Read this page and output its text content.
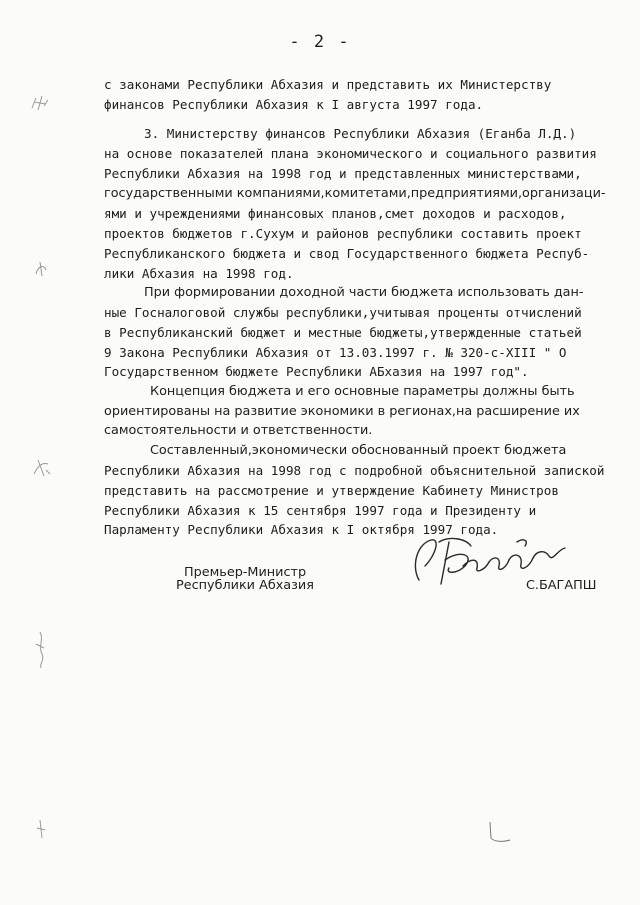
- 2 -
с законами Республики Абхазия и представить их Министерству
финансов Республики Абхазия к I августа 1997 года.
3. Министерству финансов Республики Абхазия (Еганба Л.Д.)
на основе показателей плана экономического и социального развития
Республики Абхазия на 1998 год и представленных министерствами,
государственными компаниями,комитетами,предприятиями,организаци-
ями и учреждениями финансовых планов,смет доходов и расходов,
проектов бюджетов г.Сухум и районов республики составить проект
Республиканского бюджета и свод Государственного бюджета Респуб-
лики Абхазия на 1998 год.
При формировании доходной части бюджета использовать дан-
ные Госналоговой службы республики,учитывая проценты отчислений
в Республиканский бюджет и местные бюджеты,утвержденные статьей
9 Закона Республики Абхазия от 13.03.1997 г. № 320-с-XIII " О
Государственном бюджете Республики АБхазия на 1997 год".
Концепция бюджета и его основные параметры должны быть
ориентированы на развитие экономики в регионах,на расширение их
самостоятельности и ответственности.
Составленный,экономически обоснованный проект бюджета
Республики Абхазия на 1998 год с подробной объяснительной запиской
представить на рассмотрение и утверждение Кабинету Министров
Республики Абхазия к 15 сентября 1997 года и Президенту и
Парламенту Республики Абхазия к I октября 1997 года.
Премьер-Министр
Республики Абхазия	С.БАГАПШ
